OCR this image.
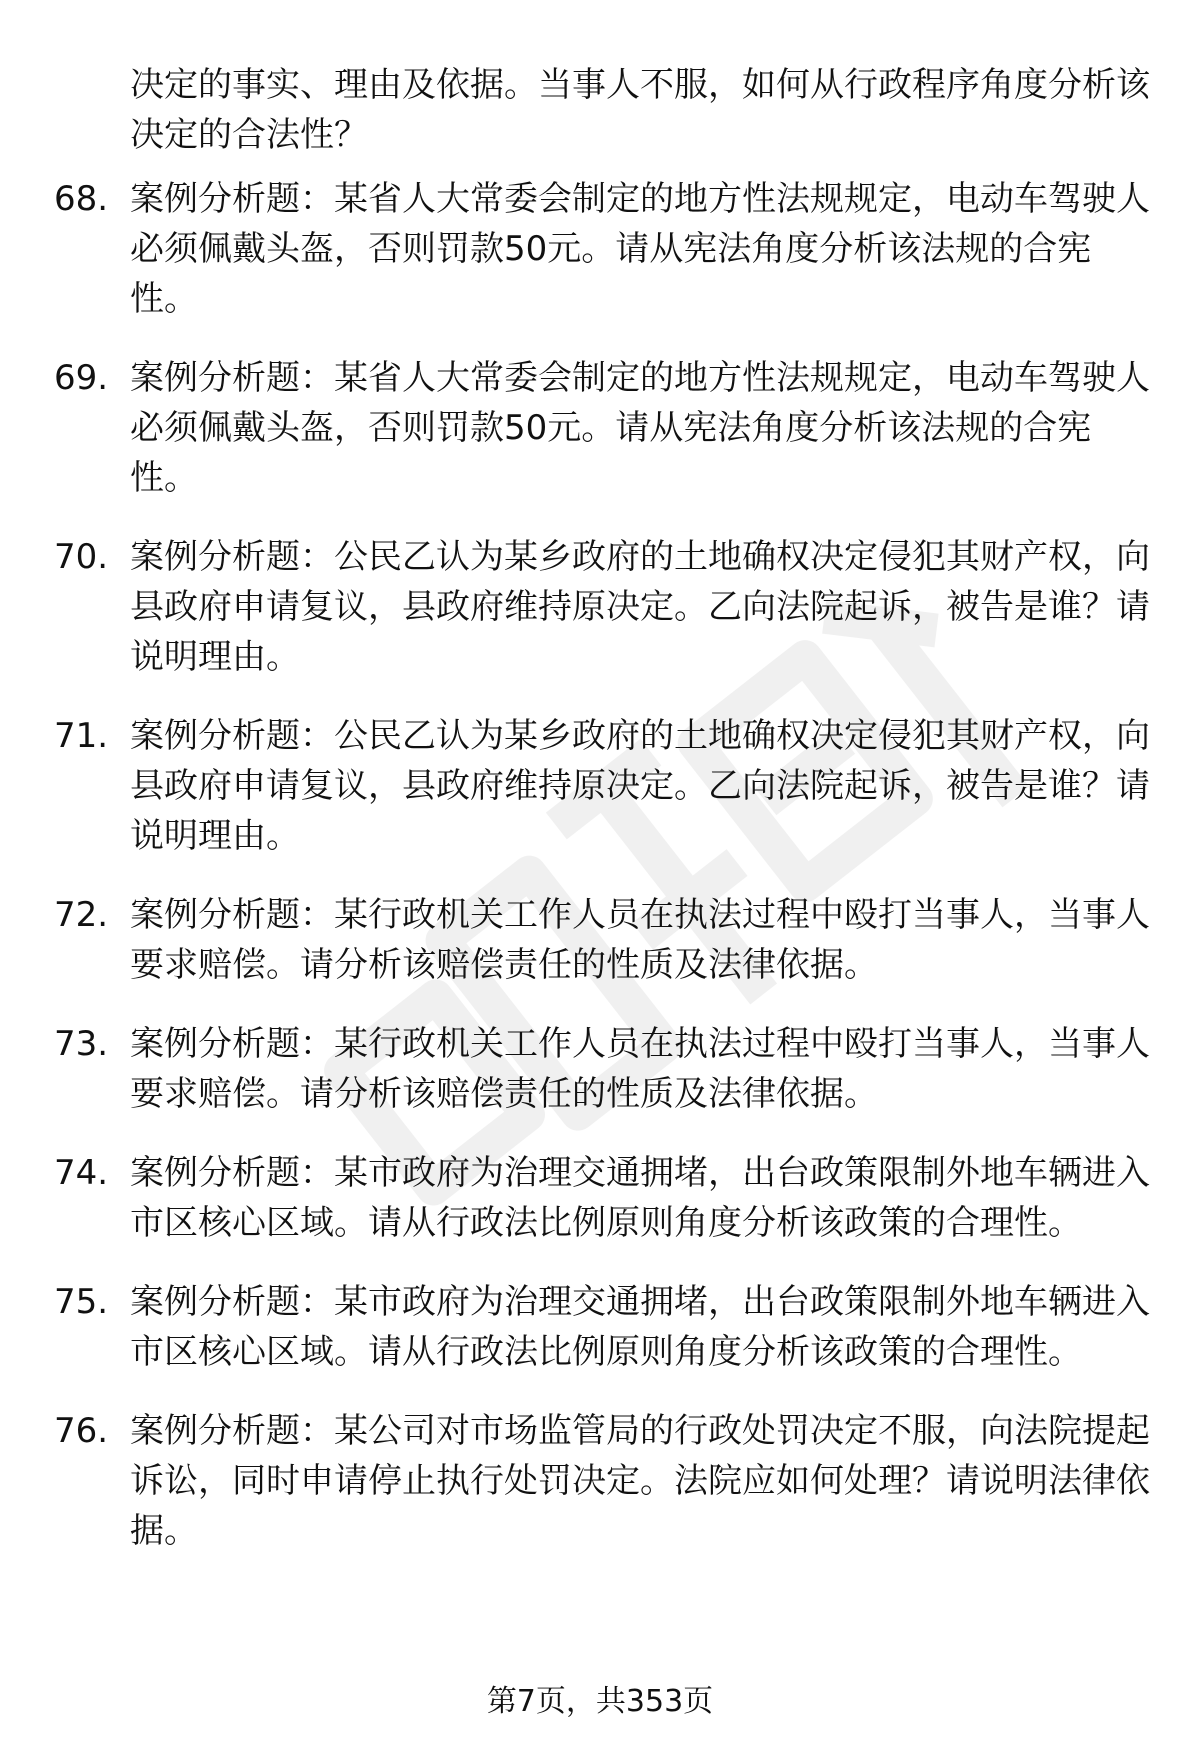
决定的事实、理由及依据。当事人不服，如何从行政程序角度分析该决定的合法性？

68. 案例分析题：某省人大常委会制定的地方性法规规定，电动车驾驶人必须佩戴头盔，否则罚款50元。请从宪法角度分析该法规的合宪性。
69. 案例分析题：某省人大常委会制定的地方性法规规定，电动车驾驶人必须佩戴头盔，否则罚款50元。请从宪法角度分析该法规的合宪性。
70. 案例分析题：公民乙认为某乡政府的土地确权决定侵犯其财产权，向县政府申请复议，县政府维持原决定。乙向法院起诉，被告是谁？请说明理由。
71. 案例分析题：公民乙认为某乡政府的土地确权决定侵犯其财产权，向县政府申请复议，县政府维持原决定。乙向法院起诉，被告是谁？请说明理由。
72. 案例分析题：某行政机关工作人员在执法过程中殴打当事人，当事人要求赔偿。请分析该赔偿责任的性质及法律依据。
73. 案例分析题：某行政机关工作人员在执法过程中殴打当事人，当事人要求赔偿。请分析该赔偿责任的性质及法律依据。
74. 案例分析题：某市政府为治理交通拥堵，出台政策限制外地车辆进入市区核心区域。请从行政法比例原则角度分析该政策的合理性。
75. 案例分析题：某市政府为治理交通拥堵，出台政策限制外地车辆进入市区核心区域。请从行政法比例原则角度分析该政策的合理性。
76. 案例分析题：某公司对市场监管局的行政处罚决定不服，向法院提起诉讼，同时申请停止执行处罚决定。法院应如何处理？请说明法律依据。
第7页，共353页
